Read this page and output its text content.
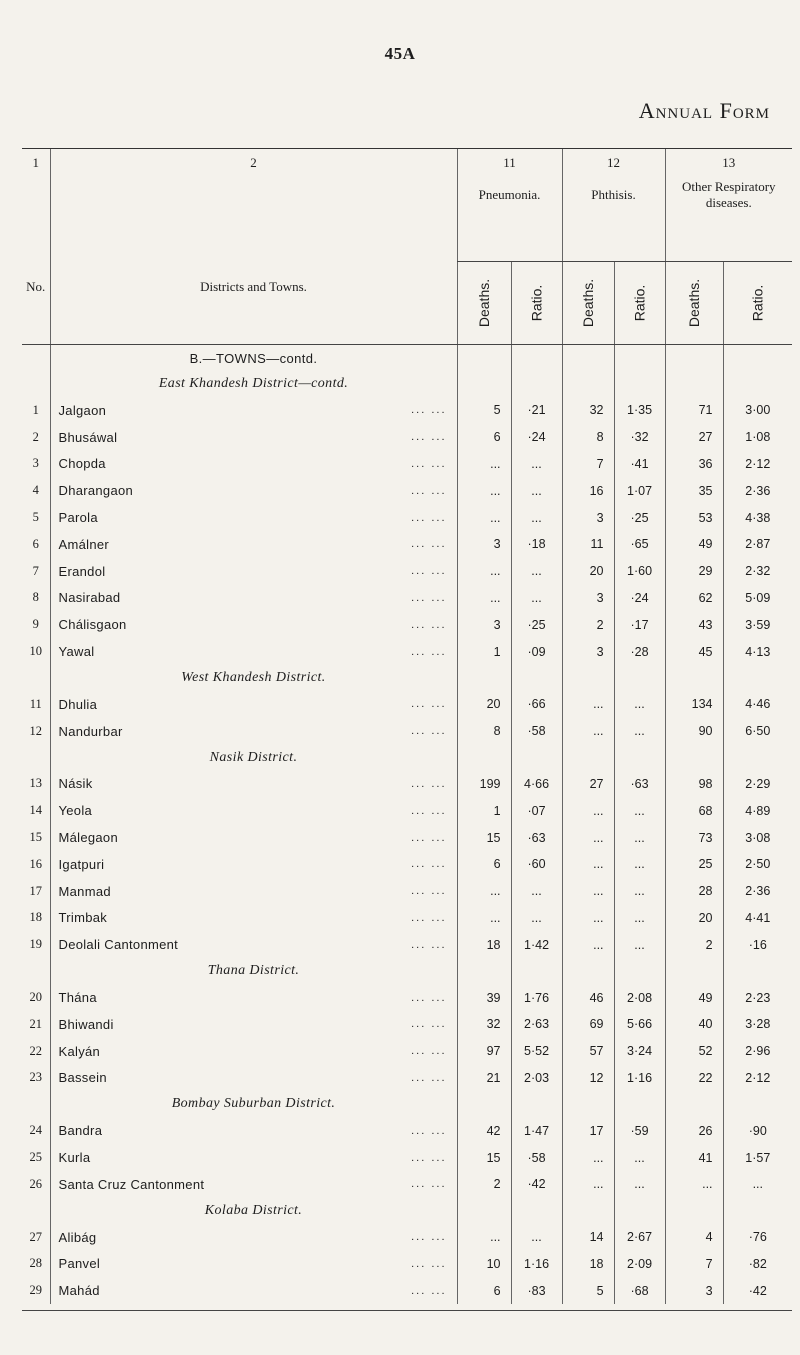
45A
Annual Form
1
No.	2
Districts and Towns.	11
Pneumonia.		12
Phthisis.		13
Other Respiratory diseases.	

		Deaths.	Ratio.	Deaths.	Ratio.	Deaths.	Ratio.
	B.—TOWNS—contd.						
	East Khandesh District—contd.						
1	Jalgaon ... ...	5	·21	32	1·35	71	3·00
2	Bhusáwal ... ...	6	·24	8	·32	27	1·08
3	Chopda ... ...	...	...	7	·41	36	2·12
4	Dharangaon ... ...	...	...	16	1·07	35	2·36
5	Parola ... ...	...	...	3	·25	53	4·38
6	Amálner ... ...	3	·18	11	·65	49	2·87
7	Erandol ... ...	...	...	20	1·60	29	2·32
8	Nasirabad ... ...	...	...	3	·24	62	5·09
9	Chálisgaon ... ...	3	·25	2	·17	43	3·59
10	Yawal ... ...	1	·09	3	·28	45	4·13
	West Khandesh District.						
11	Dhulia ... ...	20	·66	...	...	134	4·46
12	Nandurbar ... ...	8	·58	...	...	90	6·50
	Nasik District.						
13	Násik ... ...	199	4·66	27	·63	98	2·29
14	Yeola ... ...	1	·07	...	...	68	4·89
15	Málegaon ... ...	15	·63	...	...	73	3·08
16	Igatpuri ... ...	6	·60	...	...	25	2·50
17	Manmad ... ...	...	...	...	...	28	2·36
18	Trimbak ... ...	...	...	...	...	20	4·41
19	Deolali Cantonment ... ...	18	1·42	...	...	2	·16
	Thana District.						
20	Thána ... ...	39	1·76	46	2·08	49	2·23
21	Bhiwandi ... ...	32	2·63	69	5·66	40	3·28
22	Kalyán ... ...	97	5·52	57	3·24	52	2·96
23	Bassein ... ...	21	2·03	12	1·16	22	2·12
	Bombay Suburban District.						
24	Bandra ... ...	42	1·47	17	·59	26	·90
25	Kurla ... ...	15	·58	...	...	41	1·57
26	Santa Cruz Cantonment ... ...	2	·42	...	...	...	...
	Kolaba District.						
27	Alibág ... ...	...	...	14	2·67	4	·76
28	Panvel ... ...	10	1·16	18	2·09	7	·82
29	Mahád ... ...	6	·83	5	·68	3	·42
